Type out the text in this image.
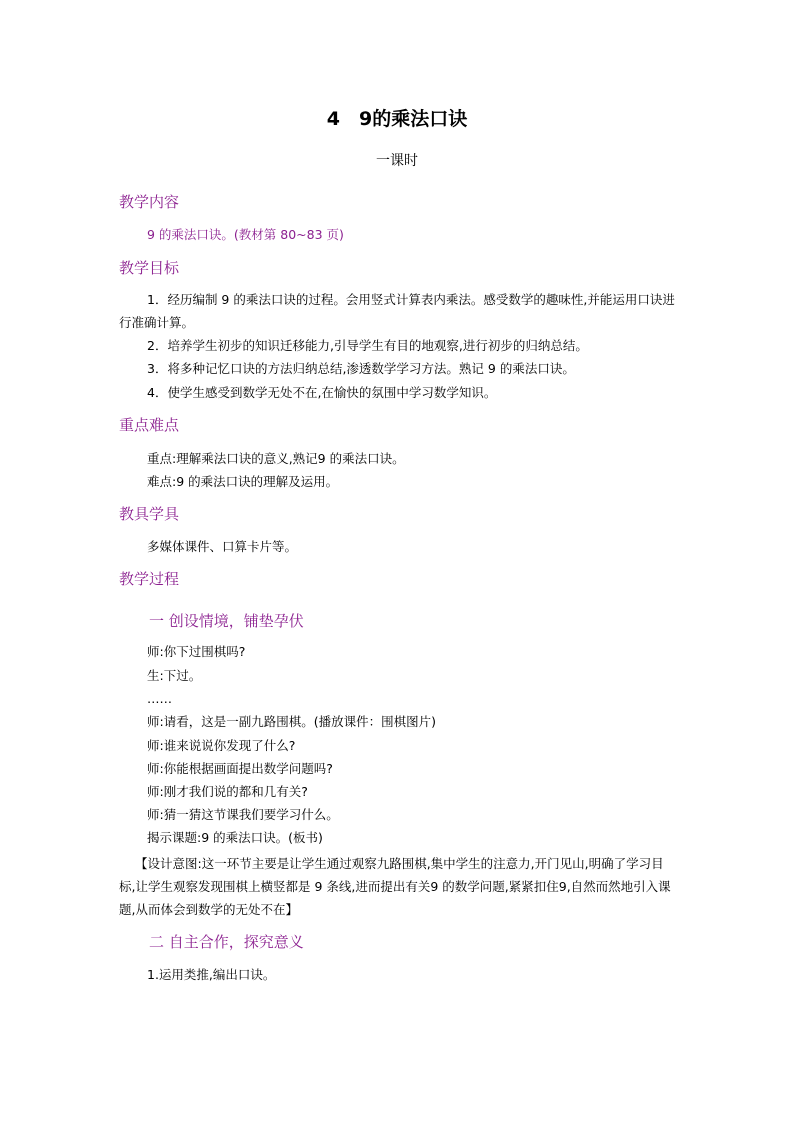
4　9的乘法口诀
一课时
教学内容
9 的乘法口诀。(教材第 80~83 页)
教学目标
1．经历编制 9 的乘法口诀的过程。会用竖式计算表内乘法。感受数学的趣味性,并能运用口诀进行准确计算。
2．培养学生初步的知识迁移能力,引导学生有目的地观察,进行初步的归纳总结。
3．将多种记忆口诀的方法归纳总结,渗透数学学习方法。熟记 9 的乘法口诀。
4．使学生感受到数学无处不在,在愉快的氛围中学习数学知识。
重点难点
重点:理解乘法口诀的意义,熟记9 的乘法口诀。
难点:9 的乘法口诀的理解及运用。
教具学具
多媒体课件、口算卡片等。
教学过程
一 创设情境，铺垫孕伏
师:你下过围棋吗?
生:下过。
……
师:请看，这是一副九路围棋。(播放课件：围棋图片)
师:谁来说说你发现了什么?
师:你能根据画面提出数学问题吗?
师:刚才我们说的都和几有关?
师:猜一猜这节课我们要学习什么。
揭示课题:9 的乘法口诀。(板书)
【设计意图:这一环节主要是让学生通过观察九路围棋,集中学生的注意力,开门见山,明确了学习目标,让学生观察发现围棋上横竖都是 9 条线,进而提出有关9 的数学问题,紧紧扣住9,自然而然地引入课题,从而体会到数学的无处不在】
二 自主合作，探究意义
1.运用类推,编出口诀。
